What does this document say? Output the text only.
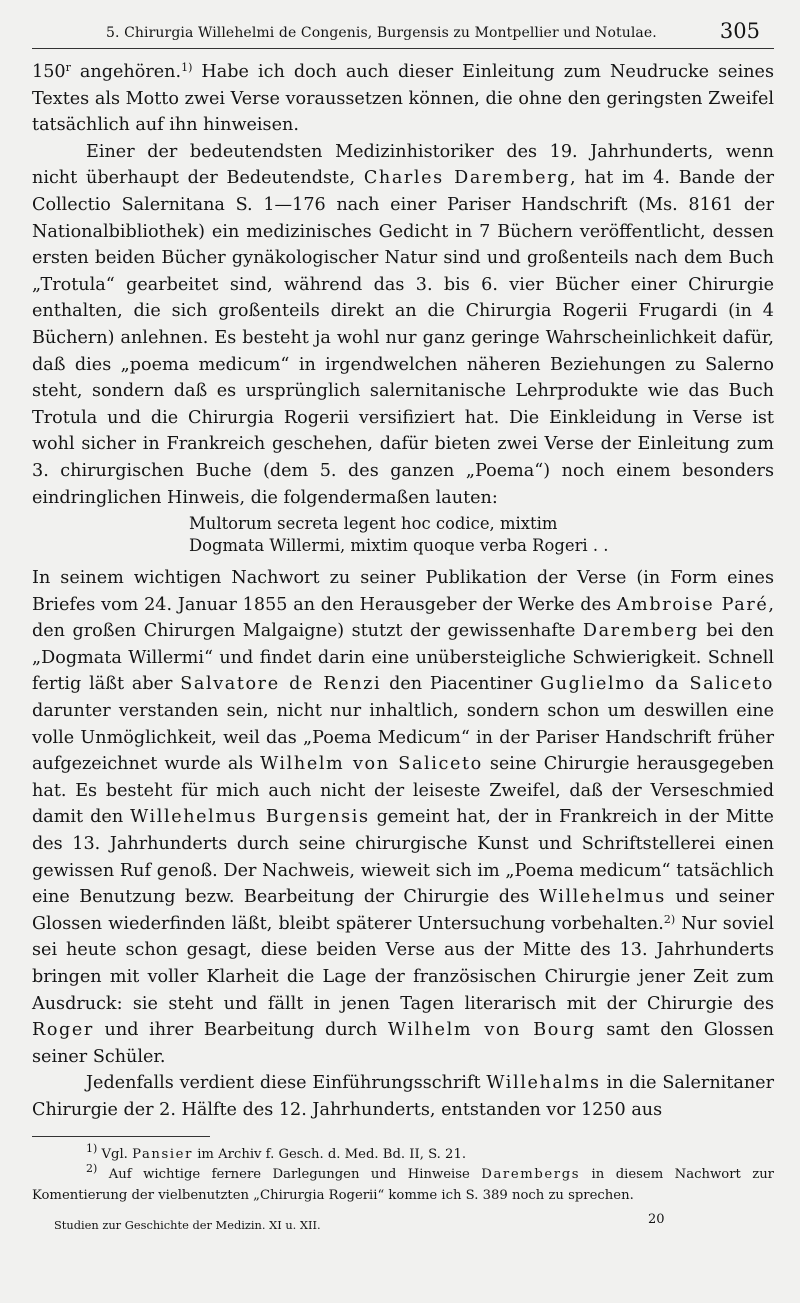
5. Chirurgia Willehelmi de Congenis, Burgensis zu Montpellier und Notulae.	305

150$^r$ angehören.$^{1)}$ Habe ich doch auch dieser Einleitung zum Neudrucke seines Textes als Motto zwei Verse voraussetzen können, die ohne den geringsten Zweifel tatsächlich auf ihn hinweisen.

Einer der bedeutendsten Medizinhistoriker des 19. Jahrhunderts, wenn nicht überhaupt der Bedeutendste, Charles Daremberg, hat im 4. Bande der Collectio Salernitana S. 1—176 nach einer Pariser Handschrift (Ms. 8161 der Nationalbibliothek) ein medizinisches Gedicht in 7 Büchern veröffentlicht, dessen ersten beiden Bücher gynäkologischer Natur sind und großenteils nach dem Buch „Trotula“ gearbeitet sind, während das 3. bis 6. vier Bücher einer Chirurgie enthalten, die sich großenteils direkt an die Chirurgia Rogerii Frugardi (in 4 Büchern) anlehnen. Es besteht ja wohl nur ganz geringe Wahrscheinlichkeit dafür, daß dies „poema medicum“ in irgendwelchen näheren Beziehungen zu Salerno steht, sondern daß es ursprünglich salernitanische Lehrprodukte wie das Buch Trotula und die Chirurgia Rogerii versifiziert hat. Die Einkleidung in Verse ist wohl sicher in Frankreich geschehen, dafür bieten zwei Verse der Einleitung zum 3. chirurgischen Buche (dem 5. des ganzen „Poema“) noch einem besonders eindringlichen Hinweis, die folgendermaßen lauten:

Multorum secreta legent hoc codice, mixtim
Dogmata Willermi, mixtim quoque verba Rogeri . .

In seinem wichtigen Nachwort zu seiner Publikation der Verse (in Form eines Briefes vom 24. Januar 1855 an den Herausgeber der Werke des Ambroise Paré, den großen Chirurgen Malgaigne) stutzt der gewissenhafte Daremberg bei den „Dogmata Willermi“ und findet darin eine unübersteigliche Schwierigkeit. Schnell fertig läßt aber Salvatore de Renzi den Piacentiner Guglielmo da Saliceto darunter verstanden sein, nicht nur inhaltlich, sondern schon um deswillen eine volle Unmöglichkeit, weil das „Poema Medicum“ in der Pariser Handschrift früher aufgezeichnet wurde als Wilhelm von Saliceto seine Chirurgie herausgegeben hat. Es besteht für mich auch nicht der leiseste Zweifel, daß der Verseschmied damit den Willehelmus Burgensis gemeint hat, der in Frankreich in der Mitte des 13. Jahrhunderts durch seine chirurgische Kunst und Schriftstellerei einen gewissen Ruf genoß. Der Nachweis, wieweit sich im „Poema medicum“ tatsächlich eine Benutzung bezw. Bearbeitung der Chirurgie des Willehelmus und seiner Glossen wiederfinden läßt, bleibt späterer Untersuchung vorbehalten.$^{2)}$ Nur soviel sei heute schon gesagt, diese beiden Verse aus der Mitte des 13. Jahrhunderts bringen mit voller Klarheit die Lage der französischen Chirurgie jener Zeit zum Ausdruck: sie steht und fällt in jenen Tagen literarisch mit der Chirurgie des Roger und ihrer Bearbeitung durch Wilhelm von Bourg samt den Glossen seiner Schüler.

Jedenfalls verdient diese Einführungsschrift Willehalms in die Salernitaner Chirurgie der 2. Hälfte des 12. Jahrhunderts, entstanden vor 1250 aus

$^{1)}$ Vgl. Pansier im Archiv f. Gesch. d. Med. Bd. II, S. 21.

$^{2)}$ Auf wichtige fernere Darlegungen und Hinweise Darembergs in diesem Nachwort zur Komentierung der vielbenutzten „Chirurgia Rogerii“ komme ich S. 389 noch zu sprechen.

Studien zur Geschichte der Medizin. XI u. XII.	20
